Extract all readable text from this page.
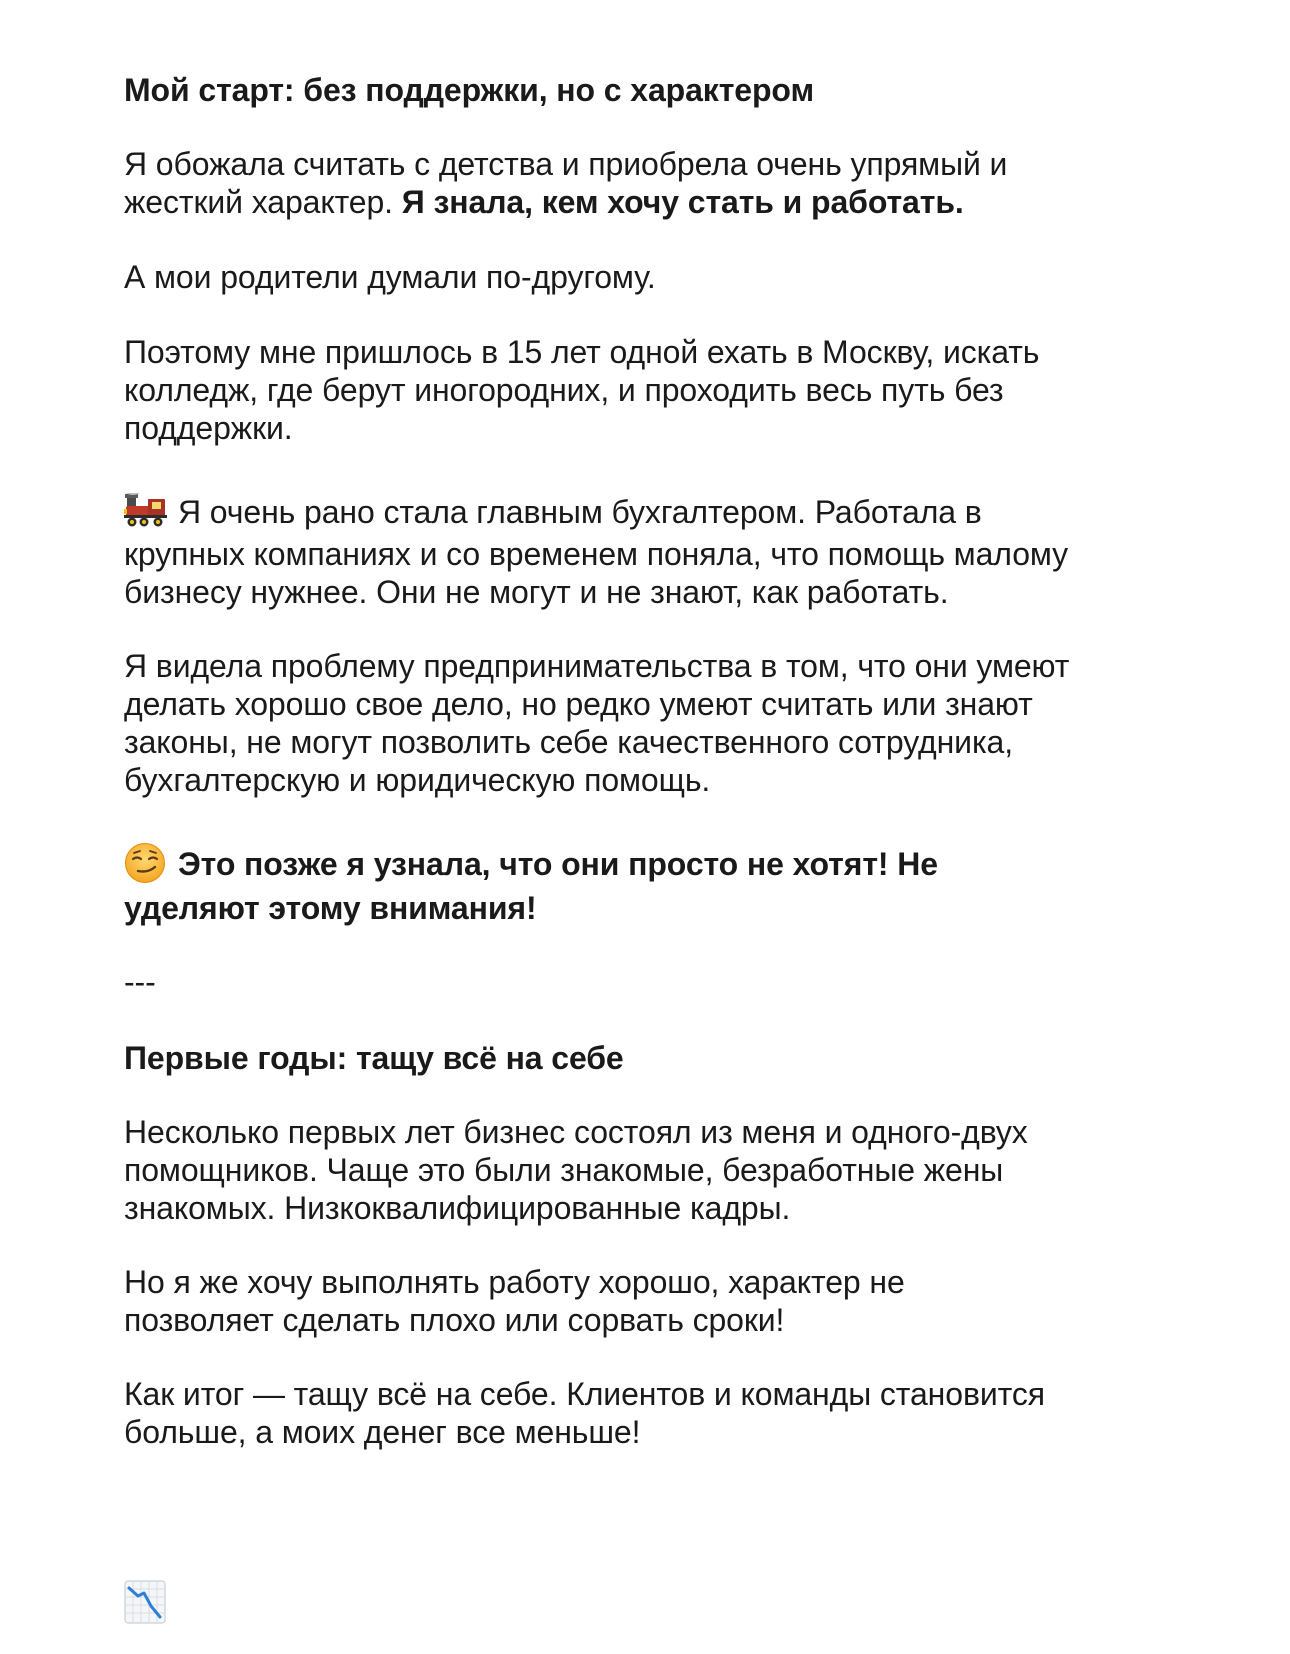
Мой старт: без поддержки, но с характером

Я обожала считать с детства и приобрела очень упрямый и

жесткий характер. Я знала, кем хочу стать и работать.

А мои родители думали по-другому.

Поэтому мне пришлось в 15 лет одной ехать в Москву, искать

колледж, где берут иногородних, и проходить весь путь без

поддержки.

Я очень рано стала главным бухгалтером. Работала в

крупных компаниях и со временем поняла, что помощь малому

бизнесу нужнее. Они не могут и не знают, как работать.

Я видела проблему предпринимательства в том, что они умеют

делать хорошо свое дело, но редко умеют считать или знают

законы, не могут позволить себе качественного сотрудника,

бухгалтерскую и юридическую помощь.

Это позже я узнала, что они просто не хотят! Не

уделяют этому внимания!

---

Первые годы: тащу всё на себе

Несколько первых лет бизнес состоял из меня и одного-двух

помощников. Чаще это были знакомые, безработные жены

знакомых. Низкоквалифицированные кадры.

Но я же хочу выполнять работу хорошо, характер не

позволяет сделать плохо или сорвать сроки!

Как итог — тащу всё на себе. Клиентов и команды становится

больше, а моих денег все меньше!
